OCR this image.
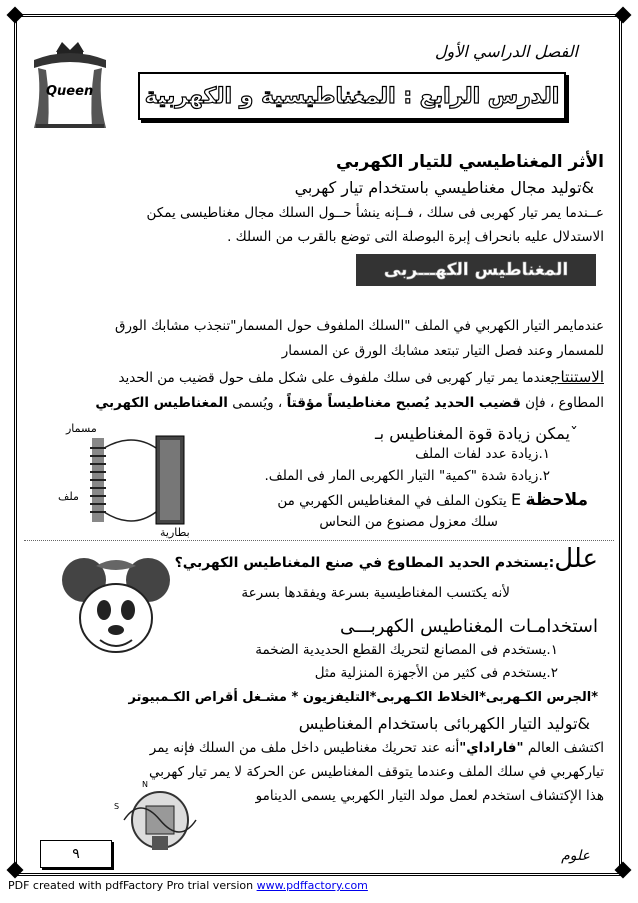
الفصل الدراسي الأول
Queen الدرس الرابع : المغناطيسية و الكهربية
الأثر المغناطيسي للتيار الكهربي
&توليد مجال مغناطيسي باستخدام تيار كهربي
عــندما يمر تيار كهربى فى سلك ، فــإنه ينشأ حــول السلك مجال مغناطيسى يمكن
الاستدلال عليه بانحراف إبرة البوصلة التى توضع بالقرب من السلك .
المغناطيس الكهـــربى
عندمايمر التيار الكهربي في الملف "السلك الملفوف حول المسمار"تنجذب مشابك الورق
للمسمار وعند فصل التيار تبتعد مشابك الورق عن المسمار
الاستنتاجعندما يمر تيار كهربى فى سلك ملفوف على شكل ملف حول قضيب من الحديد
المطاوع ، فإن قضيب الحديد يُصبح مغناطيساً مؤقتاً ، ويُسمى المغناطيس الكهربي
ˇيمكن زيادة قوة المغناطيس بـ
١.زيادة عدد لفات الملف
٢.زيادة شدة "كمية" التيار الكهربى المار فى الملف.
ملاحظة E يتكون الملف في المغناطيس الكهربي من
سلك معزول مصنوع من النحاس
مسمار
ملف
بطارية
علل:يستخدم الحديد المطاوع في صنع المغناطيس الكهربي؟
لأنه يكتسب المغناطيسية بسرعة ويفقدها بسرعة
استخدامـات المغناطيس الكهربـــى
١.يستخدم فى المصانع لتحريك القطع الحديدية الضخمة
٢.يستخدم فى كثير من الأجهزة المنزلية مثل
*الجرس الكـهربى*الخلاط الكـهربى*التليفزيون * مشـغل أقراص الكـمبيوتر
&توليد التيار الكهربائى باستخدام المغناطيس
اكتشف العالم "فاراداي"أنه عند تحريك مغناطيس داخل ملف من السلك فإنه يمر
تياركهربي في سلك الملف وعندما يتوقف المغناطيس عن الحركة لا يمر تيار كهربي
هذا الإكتشاف استخدم لعمل مولد التيار الكهربي يسمى الدينامو
N
S
٩	علوم
PDF created with pdfFactory Pro trial version www.pdffactory.com
